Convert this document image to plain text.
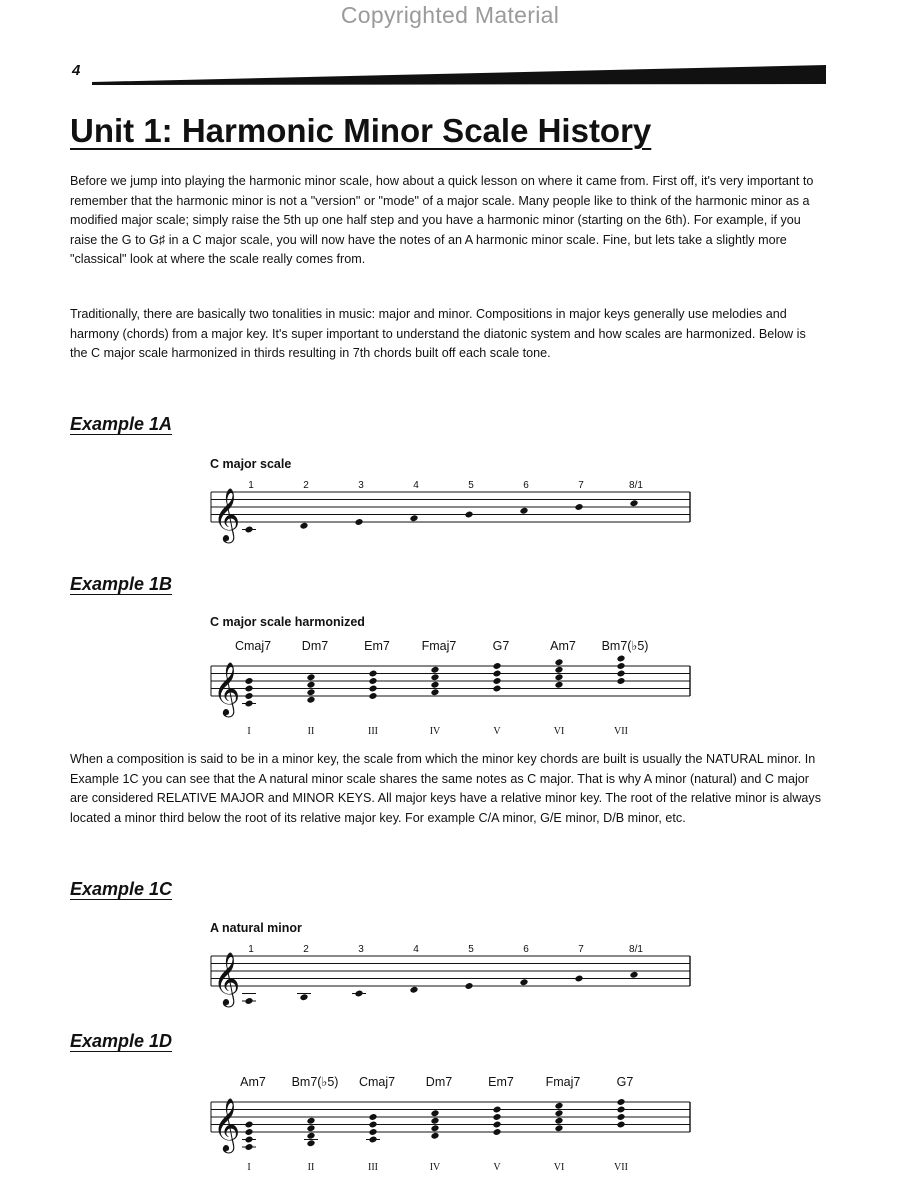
Copyrighted Material
4
Unit 1: Harmonic Minor Scale History

Before we jump into playing the harmonic minor scale, how about a quick lesson on where it came from. First off, it's very important to remember that the harmonic minor is not a "version" or "mode" of a major scale. Many people like to think of the harmonic minor as a modified major scale; simply raise the 5th up one half step and you have a harmonic minor (starting on the 6th). For example, if you raise the G to G♯ in a C major scale, you will now have the notes of an A harmonic minor scale. Fine, but lets take a slightly more "classical" look at where the scale really comes from.

Traditionally, there are basically two tonalities in music: major and minor. Compositions in major keys generally use melodies and harmony (chords) from a major key. It's super important to understand the diatonic system and how scales are harmonized. Below is the C major scale harmonized in thirds resulting in 7th chords built off each scale tone.

Example 1A
C major scale
𝄞
1	2	3	4	5	6	7	8/1
Example 1B
C major scale harmonized
𝄞
Cmaj7
I
Dm7
II
Em7
III
Fmaj7
IV
G7
V
Am7
VI
Bm7(♭5)
VII

When a composition is said to be in a minor key, the scale from which the minor key chords are built is usually the NATURAL minor. In Example 1C you can see that the A natural minor scale shares the same notes as C major. That is why A minor (natural) and C major are considered RELATIVE MAJOR and MINOR KEYS. All major keys have a relative minor key. The root of the relative minor is always located a minor third below the root of its relative major key. For example C/A minor, G/E minor, D/B minor, etc.

Example 1C
A natural minor
𝄞
1	2	3	4	5	6	7	8/1
Example 1D
𝄞
Am7
I
Bm7(♭5)
II
Cmaj7
III
Dm7
IV
Em7
V
Fmaj7
VI
G7
VII
